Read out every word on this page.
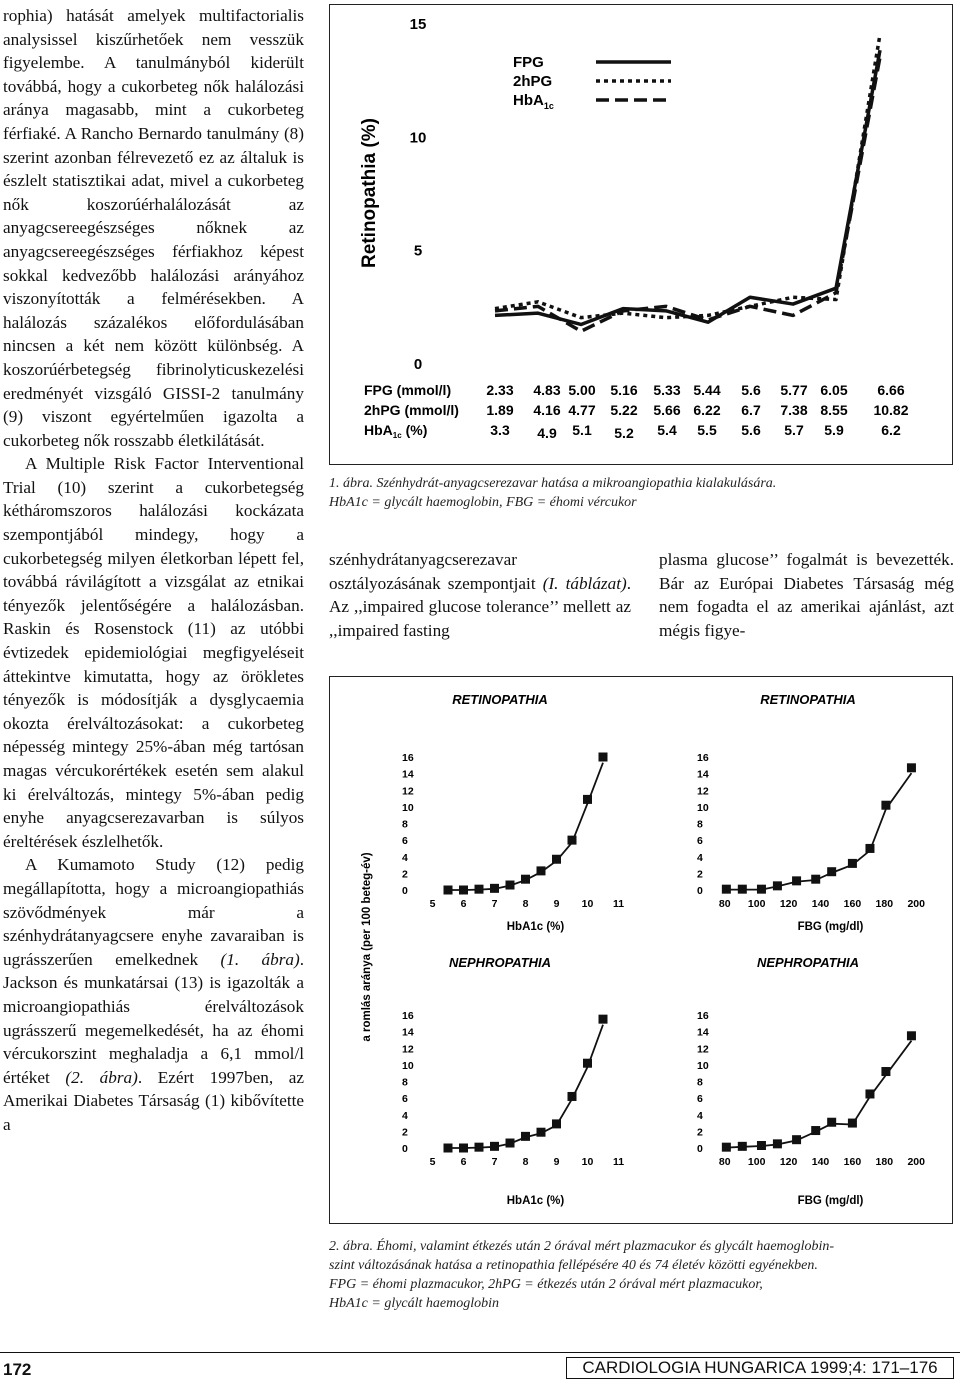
rophia) hatását amelyek multifactorialis analysissel kiszűrhetőek nem vesszük figyelembe. A tanulmányból kiderült továbbá, hogy a cukorbeteg nők halálozási aránya magasabb, mint a cukorbeteg férfiaké. A Rancho Bernardo tanulmány (8) szerint azonban félrevezető ez az általuk is észlelt statisztikai adat, mivel a cukorbeteg nők koszorúérhalálozását az anyagcsereegészséges nőknek az anyagcsereegészséges férfiakhoz képest sokkal kedvezőbb halálozási arányához viszonyították a felmérésekben. A halálozás százalékos előfordulásában nincsen a két nem között különbség. A koszorúérbetegség fibrinolyticuskezelési eredményét vizsgáló GISSI-2 tanulmány (9) viszont egyértelműen igazolta a cukorbeteg nők rosszabb életkilátását.

A Multiple Risk Factor Interventional Trial (10) szerint a cukorbetegség kétháromszoros halálozási kockázata szempontjából mindegy, hogy a cukorbetegség milyen életkorban lépett fel, továbbá rávilágított a vizsgálat az etnikai tényezők jelentőségére a halálozásban. Raskin és Rosenstock (11) az utóbbi évtizedek epidemiológiai megfigyeléseit áttekintve kimutatta, hogy az örökletes tényezők is módosítják a dysglycaemia okozta érelváltozásokat: a cukorbeteg népesség mintegy 25%-ában még tartósan magas vércukorértékek esetén sem alakul ki érelváltozás, mintegy 5%-ában pedig enyhe anyagcserezavarban is súlyos éreltérések észlelhetők.

A Kumamoto Study (12) pedig megállapította, hogy a microangiopathiás szövődmények már a szénhydrátanyagcsere enyhe zavaraiban is ugrásszerűen emelkednek (1. ábra). Jackson és munkatársai (13) is igazolták a microangiopathiás érelváltozások ugrásszerű megemelkedését, ha az éhomi vércukorszint meghaladja a 6,1 mmol/l értéket (2. ábra). Ezért 1997ben, az Amerikai Diabetes Társaság (1) kibővítette a

Retinopathia (%)
15
10
5
0
FPG
2hPG
HbA$_{1c}$
FPG (mmol/l)
2hPG (mmol/l)
HbA$_{1c}$ (%)
2.33 4.83 5.00 5.16 5.33 5.44 5.6 5.77 6.05 6.66
1.89 4.16 4.77 5.22 5.66 6.22 6.7 7.38 8.55 10.82
3.3 4.9 5.1 5.2 5.4 5.5 5.6 5.7 5.9	6.2
1. ábra. Szénhydrát-anyagcserezavar hatása a mikroangiopathia kialakulására.
HbA1c = glycált haemoglobin, FBG = éhomi vércukor

szénhydrátanyagcserezavar osztályozásának szempontjait (I. táblázat). Az ,,impaired glucose tolerance’’ mellett az ,,impaired fasting

plasma glucose’’ fogalmát is bevezették. Bár az Európai Diabetes Társaság még nem fogadta el az amerikai ajánlást, azt mégis figye-

a romlás aránya (per 100 beteg-év)
RETINOPATHIA
16
14
12
10
8
6
4
2
0
5 6 7 8 9 10 11
HbA1c (%)
RETINOPATHIA
16
14
12
10
8
6
4
2
0
80 100 120 140 160 180 200
FBG (mg/dl)
NEPHROPATHIA
16
14
12
10
8
6
4
2
0
5 6 7 8 9 10 11
HbA1c (%)
NEPHROPATHIA
16
14
12
10
8
6
4
2
0
80 100 120 140 160 180 200
FBG (mg/dl)
2. ábra. Éhomi, valamint étkezés után 2 órával mért plazmacukor és glycált haemoglobin-
szint változásának hatása a retinopathia fellépésére 40 és 74 életév közötti egyénekben.
FPG = éhomi plazmacukor, 2hPG = étkezés után 2 órával mért plazmacukor,
HbA1c = glycált haemoglobin
172	CARDIOLOGIA HUNGARICA 1999;4: 171–176
